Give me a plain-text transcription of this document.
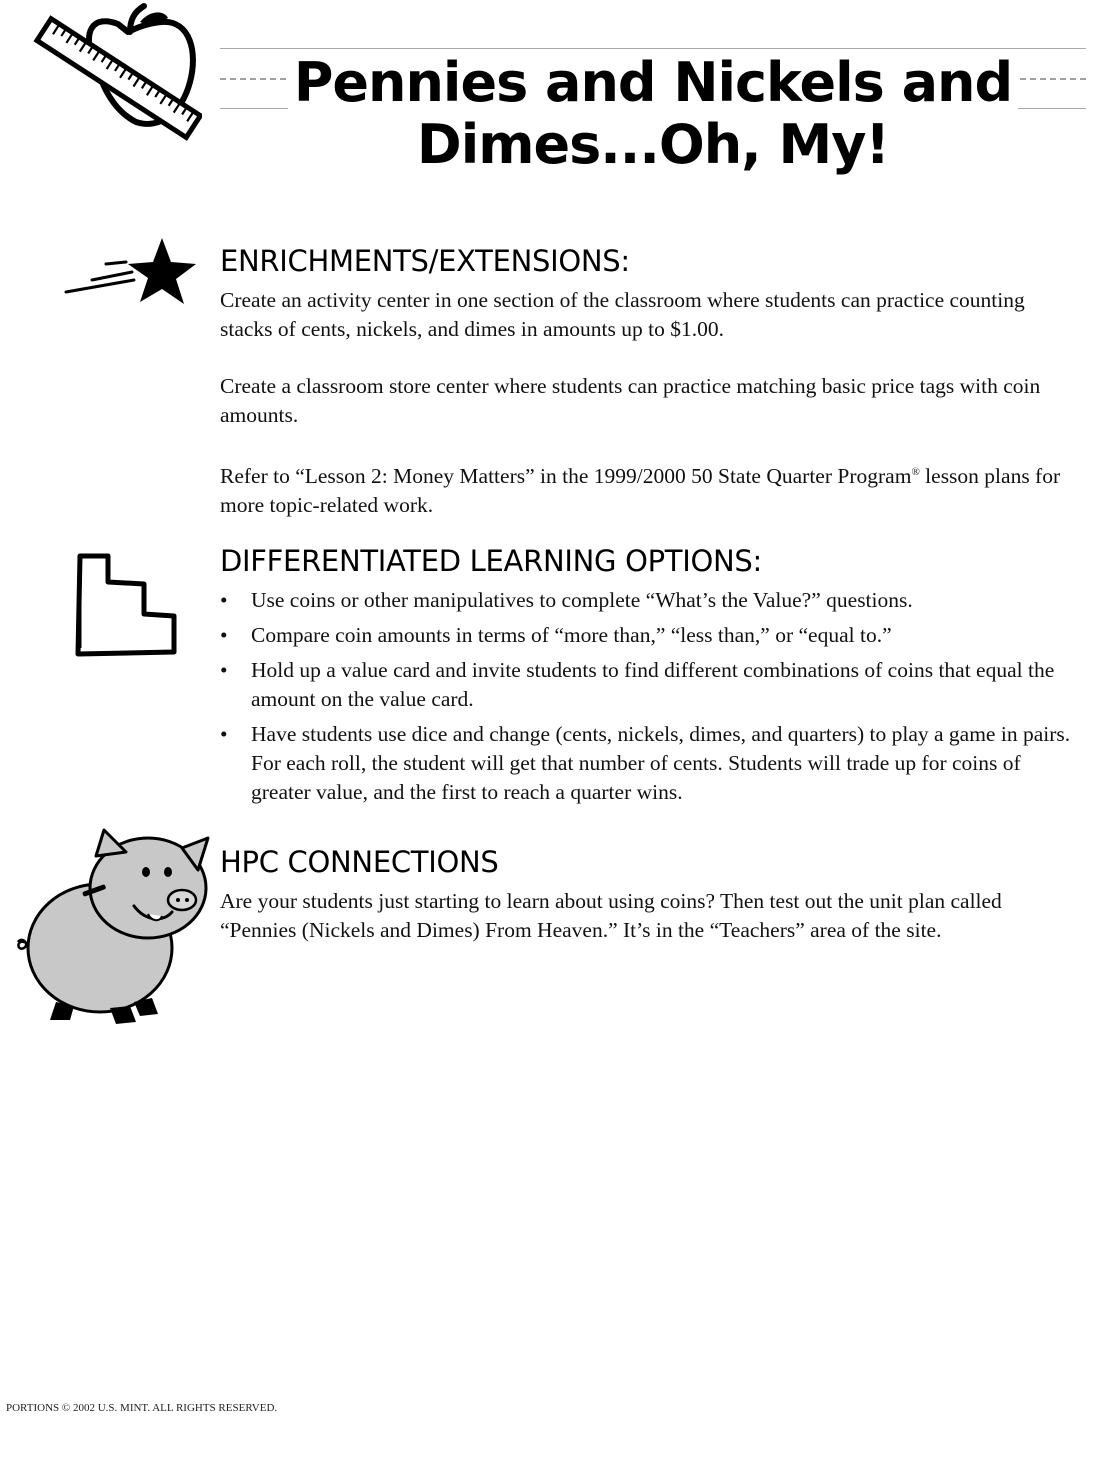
Pennies and Nickels and
Dimes...Oh, My!
ENRICHMENTS/EXTENSIONS:

Create an activity center in one section of the classroom where students can practice counting stacks of cents, nickels, and dimes in amounts up to $1.00.

Create a classroom store center where students can practice matching basic price tags with coin amounts.

Refer to “Lesson 2: Money Matters” in the 1999/2000 50 State Quarter Program® lesson plans for more topic-related work.

DIFFERENTIATED LEARNING OPTIONS:
•	Use coins or other manipulatives to complete “What’s the Value?” questions.
•	Compare coin amounts in terms of “more than,” “less than,” or “equal to.”
•	Hold up a value card and invite students to find different combinations of coins that equal the amount on the value card.
•	Have students use dice and change (cents, nickels, dimes, and quarters) to play a game in pairs. For each roll, the student will get that number of cents. Students will trade up for coins of greater value, and the first to reach a quarter wins.
HPC CONNECTIONS

Are your students just starting to learn about using coins? Then test out the unit plan called “Pennies (Nickels and Dimes) From Heaven.” It’s in the “Teachers” area of the site.

PORTIONS © 2002 U.S. MINT. ALL RIGHTS RESERVED.
